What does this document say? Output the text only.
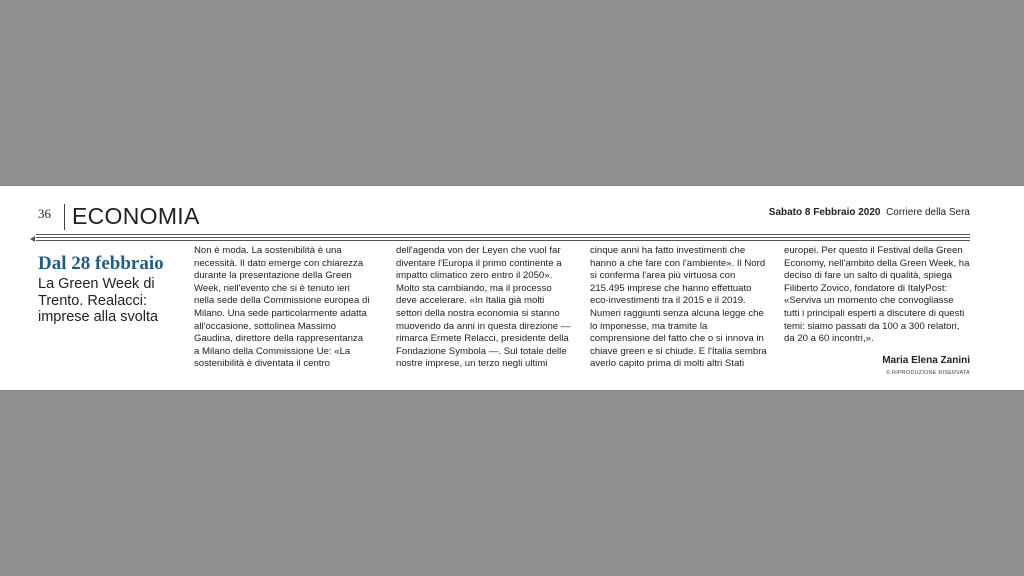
36 ECONOMIA	Sabato 8 Febbraio 2020 Corriere della Sera
Dal 28 febbraio
La Green Week di Trento. Realacci: imprese alla svolta
Non è moda. La sostenibilità è una necessità. Il dato emerge con chiarezza durante la presentazione della Green Week, nell'evento che si è tenuto ieri nella sede della Commissione europea di Milano. Una sede particolarmente adatta all'occasione, sottolinea Massimo Gaudina, direttore della rappresentanza a Milano della Commissione Ue: «La sostenibilità è diventata il centro
dell'agenda von der Leyen che vuol far diventare l'Europa il primo continente a impatto climatico zero entro il 2050». Molto sta cambiando, ma il processo deve accelerare. «In Italia già molti settori della nostra economia si stanno muovendo da anni in questa direzione — rimarca Ermete Relacci, presidente della Fondazione Symbola —. Sul totale delle nostre imprese, un terzo negli ultimi
cinque anni ha fatto investimenti che hanno a che fare con l'ambiente». Il Nord si conferma l'area più virtuosa con 215.495 imprese che hanno effettuato eco-investimenti tra il 2015 e il 2019. Numeri raggiunti senza alcuna legge che lo imponesse, ma tramite la comprensione del fatto che o si innova in chiave green e si chiude. E l'Italia sembra averlo capito prima di molti altri Stati
europei. Per questo il Festival della Green Economy, nell'ambito della Green Week, ha deciso di fare un salto di qualità, spiega Filiberto Zovico, fondatore di ItalyPost: «Serviva un momento che convogliasse tutti i principali esperti a discutere di questi temi: siamo passati da 100 a 300 relatori, da 20 a 60 incontri,».
Maria Elena Zanini
© RIPRODUZIONE RISERVATA
